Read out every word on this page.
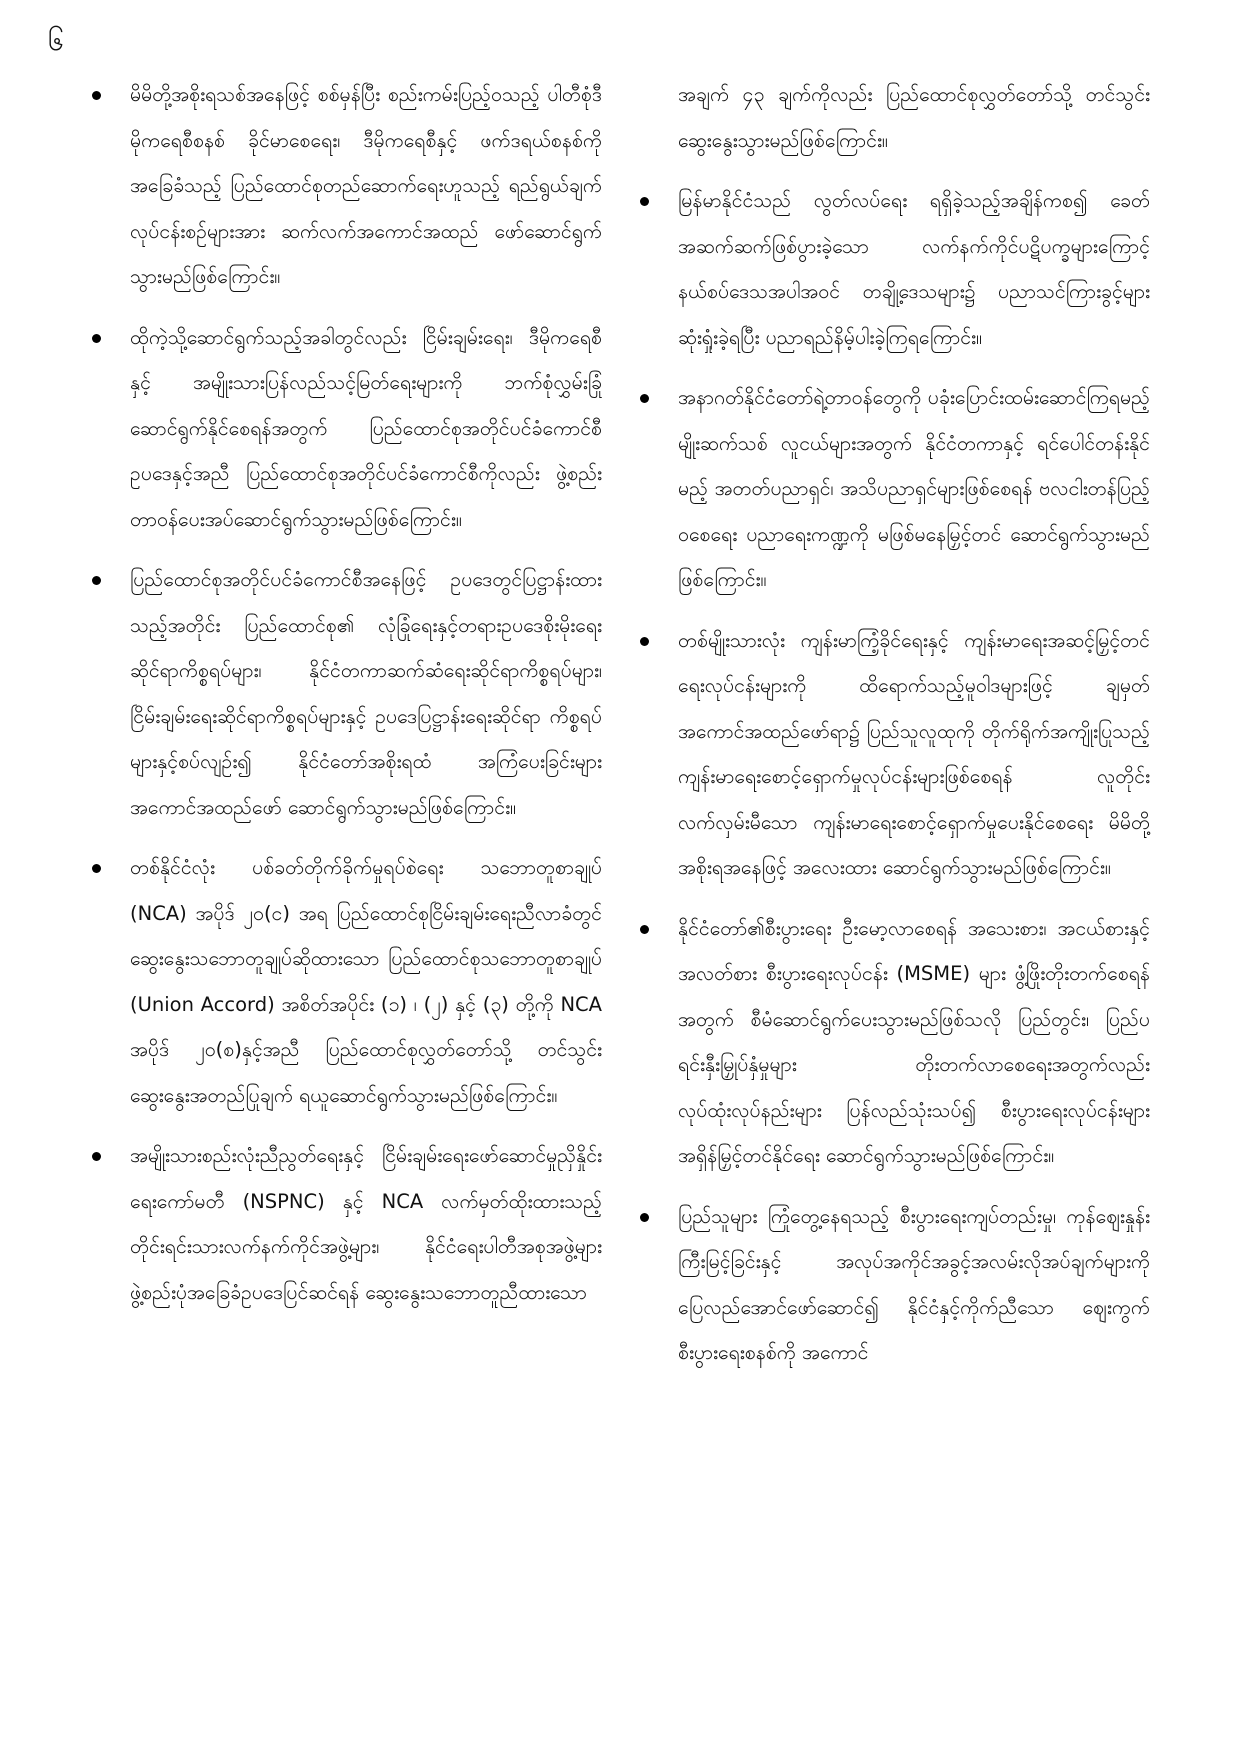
၆
မိမိတို့အစိုးရသစ်အနေဖြင့် စစ်မှန်ပြီး စည်းကမ်းပြည့်ဝသည့် ပါတီစုံဒီမိုကရေစီစနစ် ခိုင်မာစေရေး၊ ဒီမိုကရေစီနှင့် ဖက်ဒရယ်စနစ်ကိုအခြေခံသည့် ပြည်ထောင်စုတည်ဆောက်ရေးဟူသည့် ရည်ရွယ်ချက်လုပ်ငန်းစဉ်များအား ဆက်လက်အကောင်အထည် ဖော်ဆောင်ရွက်သွားမည်ဖြစ်ကြောင်း။
ထိုကဲ့သို့ဆောင်ရွက်သည့်အခါတွင်လည်း ငြိမ်းချမ်းရေး၊ ဒီမိုကရေစီနှင့် အမျိုးသားပြန်လည်သင့်မြတ်ရေးများကို ဘက်စုံလွှမ်းခြုံဆောင်ရွက်နိုင်စေရန်အတွက် ပြည်ထောင်စုအတိုင်ပင်ခံကောင်စီဥပဒေနှင့်အညီ ပြည်ထောင်စုအတိုင်ပင်ခံကောင်စီကိုလည်း ဖွဲ့စည်းတာဝန်ပေးအပ်ဆောင်ရွက်သွားမည်ဖြစ်ကြောင်း။
ပြည်ထောင်စုအတိုင်ပင်ခံကောင်စီအနေဖြင့် ဥပဒေတွင်ပြဋ္ဌာန်းထားသည့်အတိုင်း ပြည်ထောင်စု၏ လုံခြုံရေးနှင့်တရားဥပဒေစိုးမိုးရေးဆိုင်ရာကိစ္စရပ်များ၊ နိုင်ငံတကာဆက်ဆံရေးဆိုင်ရာကိစ္စရပ်များ၊ ငြိမ်းချမ်းရေးဆိုင်ရာကိစ္စရပ်များနှင့် ဥပဒေပြဋ္ဌာန်းရေးဆိုင်ရာ ကိစ္စရပ်များနှင့်စပ်လျဉ်း၍ နိုင်ငံတော်အစိုးရထံ အကြံပေးခြင်းများ အကောင်အထည်ဖော် ဆောင်ရွက်သွားမည်ဖြစ်ကြောင်း။
တစ်နိုင်ငံလုံး ပစ်ခတ်တိုက်ခိုက်မှုရပ်စဲရေး သဘောတူစာချုပ် (NCA) အပိုဒ် ၂၀(င) အရ ပြည်ထောင်စုငြိမ်းချမ်းရေးညီလာခံတွင် ဆွေးနွေးသဘောတူချုပ်ဆိုထားသော ပြည်ထောင်စုသဘောတူစာချုပ် (Union Accord) အစိတ်အပိုင်း (၁) ၊ (၂) နှင့် (၃) တို့ကို NCA အပိုဒ် ၂၀(စ)နှင့်အညီ ပြည်ထောင်စုလွှတ်တော်သို့ တင်သွင်းဆွေးနွေးအတည်ပြုချက် ရယူဆောင်ရွက်သွားမည်ဖြစ်ကြောင်း။
အမျိုးသားစည်းလုံးညီညွတ်ရေးနှင့် ငြိမ်းချမ်းရေးဖော်ဆောင်မှုညှိနှိုင်းရေးကော်မတီ (NSPNC) နှင့် NCA လက်မှတ်ထိုးထားသည့် တိုင်းရင်းသားလက်နက်ကိုင်အဖွဲ့များ၊ နိုင်ငံရေးပါတီအစုအဖွဲ့များ ဖွဲ့စည်းပုံအခြေခံဥပဒေပြင်ဆင်ရန် ဆွေးနွေးသဘောတူညီထားသော
အချက် ၄၃ ချက်ကိုလည်း ပြည်ထောင်စုလွှတ်တော်သို့ တင်သွင်းဆွေးနွေးသွားမည်ဖြစ်ကြောင်း။
မြန်မာနိုင်ငံသည် လွတ်လပ်ရေး ရရှိခဲ့သည့်အချိန်ကစ၍ ခေတ်အဆက်ဆက်ဖြစ်ပွားခဲ့သော လက်နက်ကိုင်ပဋိပက္ခများကြောင့် နယ်စပ်ဒေသအပါအဝင် တချို့ဒေသများ၌ ပညာသင်ကြားခွင့်များဆုံးရှုံးခဲ့ရပြီး ပညာရည်နိမ့်ပါးခဲ့ကြရကြောင်း။
အနာဂတ်နိုင်ငံတော်ရဲ့တာဝန်တွေကို ပခုံးပြောင်းထမ်းဆောင်ကြရမည့် မျိုးဆက်သစ် လူငယ်များအတွက် နိုင်ငံတကာနှင့် ရင်ပေါင်တန်းနိုင်မည့် အတတ်ပညာရှင်၊ အသိပညာရှင်များဖြစ်စေရန် ဗလငါးတန်ပြည့်ဝစေရေး ပညာရေးကဏ္ဍကို မဖြစ်မနေမြှင့်တင် ဆောင်ရွက်သွားမည်ဖြစ်ကြောင်း။
တစ်မျိုးသားလုံး ကျန်းမာကြံ့ခိုင်ရေးနှင့် ကျန်းမာရေးအဆင့်မြှင့်တင်ရေးလုပ်ငန်းများကို ထိရောက်သည့်မူဝါဒများဖြင့် ချမှတ်အကောင်အထည်ဖော်ရာ၌ ပြည်သူလူထုကို တိုက်ရိုက်အကျိုးပြုသည့် ကျန်းမာရေးစောင့်ရှောက်မှုလုပ်ငန်းများဖြစ်စေရန် လူတိုင်းလက်လှမ်းမီသော ကျန်းမာရေးစောင့်ရှောက်မှုပေးနိုင်စေရေး မိမိတို့အစိုးရအနေဖြင့် အလေးထား ဆောင်ရွက်သွားမည်ဖြစ်ကြောင်း။
နိုင်ငံတော်၏စီးပွားရေး ဦးမော့လာစေရန် အသေးစား၊ အငယ်စားနှင့် အလတ်စား စီးပွားရေးလုပ်ငန်း (MSME) များ ဖွံ့ဖြိုးတိုးတက်စေရန်အတွက် စီမံဆောင်ရွက်ပေးသွားမည်ဖြစ်သလို ပြည်တွင်း၊ ပြည်ပရင်းနှီးမြှုပ်နှံမှုများ တိုးတက်လာစေရေးအတွက်လည်း လုပ်ထုံးလုပ်နည်းများ ပြန်လည်သုံးသပ်၍ စီးပွားရေးလုပ်ငန်းများ အရှိန်မြှင့်တင်နိုင်ရေး ဆောင်ရွက်သွားမည်ဖြစ်ကြောင်း။
ပြည်သူများ ကြုံတွေ့နေရသည့် စီးပွားရေးကျပ်တည်းမှု၊ ကုန်ဈေးနှုန်းကြီးမြင့်ခြင်းနှင့် အလုပ်အကိုင်အခွင့်အလမ်းလိုအပ်ချက်များကို ပြေလည်အောင်ဖော်ဆောင်၍ နိုင်ငံနှင့်ကိုက်ညီသော ဈေးကွက်စီးပွားရေးစနစ်ကို အကောင်
